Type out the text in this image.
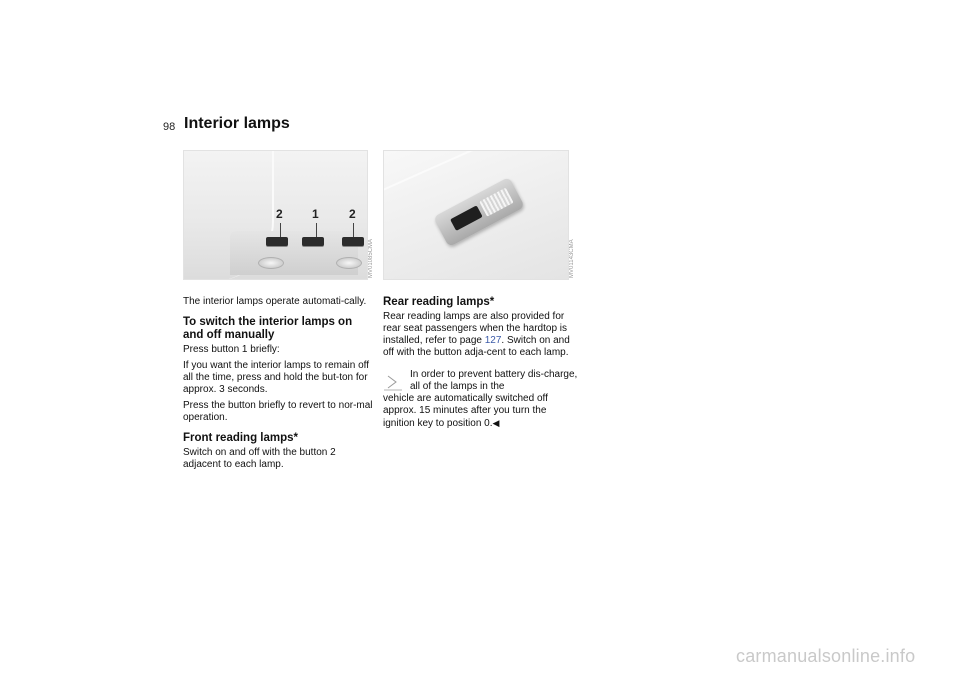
98 Interior lamps
2 1	2
MV01085CMA	MV01143CMA

The interior lamps operate automati-cally.

To switch the interior lamps on and off manually

Press button 1 briefly:

If you want the interior lamps to remain off all the time, press and hold the but-ton for approx. 3 seconds.

Press the button briefly to revert to nor-mal operation.

Front reading lamps*

Switch on and off with the button 2 adjacent to each lamp.

Rear reading lamps*

Rear reading lamps are also provided for rear seat passengers when the hardtop is installed, refer to page 127. Switch on and off with the button adja-cent to each lamp.

In order to prevent battery dis-charge, all of the lamps in the
vehicle are automatically switched off approx. 15 minutes after you turn the ignition key to position 0.◀
carmanualsonline.info
